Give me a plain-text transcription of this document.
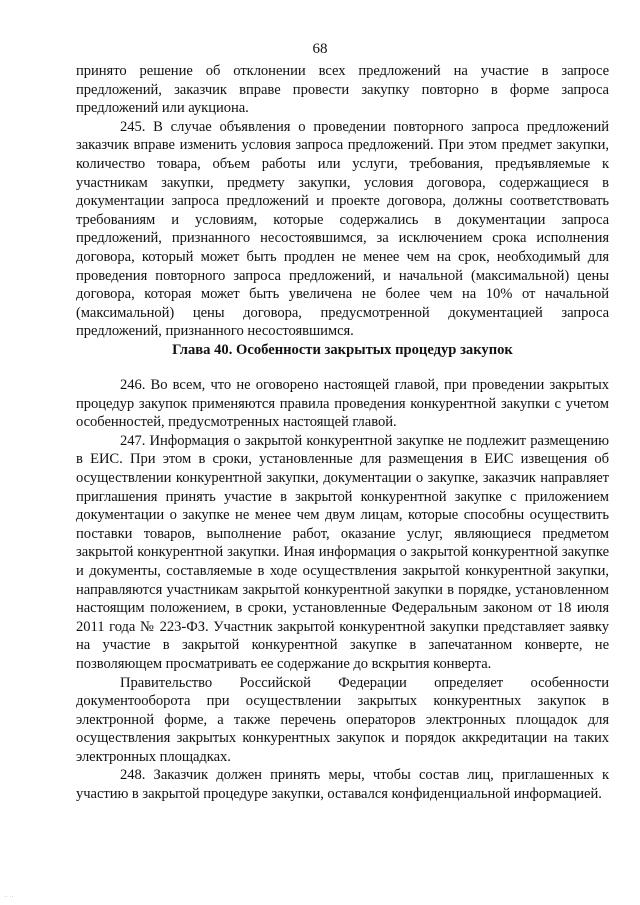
68

принято решение об отклонении всех предложений на участие в запросе предложений, заказчик вправе провести закупку повторно в форме запроса предложений или аукциона.

245. В случае объявления о проведении повторного запроса предложений заказчик вправе изменить условия запроса предложений. При этом предмет закупки, количество товара, объем работы или услуги, требования, предъявляемые к участникам закупки, предмету закупки, условия договора, содержащиеся в документации запроса предложений и проекте договора, должны соответствовать требованиям и условиям, которые содержались в документации запроса предложений, признанного несостоявшимся, за исключением срока исполнения договора, который может быть продлен не менее чем на срок, необходимый для проведения повторного запроса предложений, и начальной (максимальной) цены договора, которая может быть увеличена не более чем на 10% от начальной (максимальной) цены договора, предусмотренной документацией запроса предложений, признанного несостоявшимся.

Глава 40. Особенности закрытых процедур закупок

246. Во всем, что не оговорено настоящей главой, при проведении закрытых процедур закупок применяются правила проведения конкурентной закупки с учетом особенностей, предусмотренных настоящей главой.

247. Информация о закрытой конкурентной закупке не подлежит размещению в ЕИС. При этом в сроки, установленные для размещения в ЕИС извещения об осуществлении конкурентной закупки, документации о закупке, заказчик направляет приглашения принять участие в закрытой конкурентной закупке с приложением документации о закупке не менее чем двум лицам, которые способны осуществить поставки товаров, выполнение работ, оказание услуг, являющиеся предметом закрытой конкурентной закупки. Иная информация о закрытой конкурентной закупке и документы, составляемые в ходе осуществления закрытой конкурентной закупки, направляются участникам закрытой конкурентной закупки в порядке, установленном настоящим положением, в сроки, установленные Федеральным законом от 18 июля 2011 года № 223-ФЗ. Участник закрытой конкурентной закупки представляет заявку на участие в закрытой конкурентной закупке в запечатанном конверте, не позволяющем просматривать ее содержание до вскрытия конверта.

Правительство Российской Федерации определяет особенности документооборота при осуществлении закрытых конкурентных закупок в электронной форме, а также перечень операторов электронных площадок для осуществления закрытых конкурентных закупок и порядок аккредитации на таких электронных площадках.

248. Заказчик должен принять меры, чтобы состав лиц, приглашенных к участию в закрытой процедуре закупки, оставался конфиденциальной информацией.

.. ..
